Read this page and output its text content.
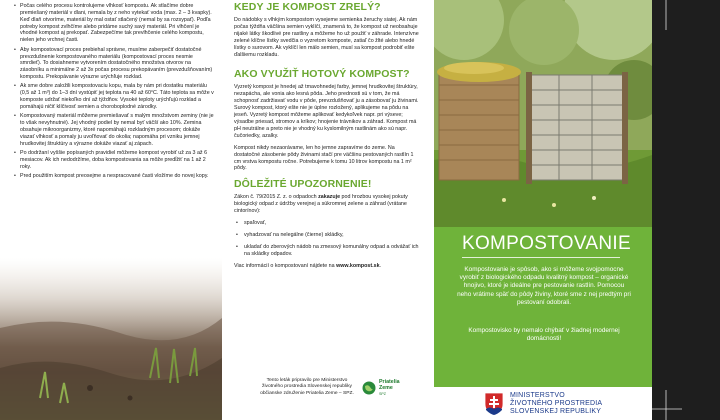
• Počas celého procesu kontrolujeme vlhkosť kompostu. Ak stlačíme dobre premiešaný materiál v dlani, nemala by z neho vytekať voda (max. 2 – 3 kvapky). Keď dlaň otvoríme, materiál by mal ostať stlačený (nemal by sa rozsypať). Podľa potreby kompost zvlhčíme alebo pridáme suchý savý materiál. Pri vlhčení je vhodné kompost aj prekopať. Zabezpečíme tak prevlhčenie celého kompostu, nielen jeho vrchnej časti.
• Aby kompostovací proces prebiehal správne, musíme zaberpečiť dostatočné prevzdušnenie kompostovaného materiálu (kompostovací proces nesmie smrdieť). To dosiahneme vytvorením dostatočného množstva otvorov na zásobníku a minimálne 2 až 3x počas procesu prekopávaním (prevzdušňovaním) kompostu. Prekopávanie výrazne urýchľuje rozklad.
• Ak sme dobre založili kompostovaciu kopu, mala by nám pri dostatku materiálu (0,5 až 1 m³) do 1–3 dní vystúpiť jej teplota na 40 až 60°C. Táto teplota sa môže v komposte udržať niekoľko dní až týždňov. Vysoké teploty urýchľujú rozklad a pomáhajú ničiť klíčivosť semien a choroboplodné zárodky.
• Kompostovaný materiál môžeme premiešavať s malým množstvom zeminy (nie je to však nevyhnutné). Jej vhodný podiel by nemal byť väčší ako 10%. Zemina obsahuje mikroorganizmy, ktoré napomáhajú rozkladným procesom; dokáže viazať vlhkosť a pomaly ju uvoľňovať do okolia; napomáha pri vzniku jemnej hrudkovitej štruktúry a výrazne dokáže viazať aj zápach.
• Po dodržaní vyššie popísaných pravidiel môžeme kompost vyrobiť už za 3 až 6 mesiacov. Ak ich nedodržíme, doba kompostovania sa môže predĺžiť na 1 až 2 roky.
• Pred použitím kompost preosejme a nespracované časti vložíme do novej kopy.
KEDY JE KOMPOST ZRELÝ?

Do nádobky s vlhkým kompostom vysejeme semienka žeruchy siatej. Ak nám počas týždňa väčšina semien vyklíčí, znamená to, že kompost už neobsahuje nijaké látky škodlivé pre rastliny a môžeme ho už použiť v záhrade. Intenzívne zelené klíčne lístky svedčia o vyzretom komposte, zatiaľ čo žlté alebo hnedé lístky o surovom. Ak vyklíčí len málo semien, musí sa kompost podrobiť ešte ďalšiemu rozkladu.

AKO VYUŽIŤ HOTOVÝ KOMPOST?

Vyzretý kompost je hnedej až tmavohnedej farby, jemnej hrudkovitej štruktúry, nezapácha, ale vonia ako lesná pôda. Jeho prednosti sú v tom, že má schopnosť zadržiavať vodu v pôde, prevzdušňovať ju a zásobovať ju živinami. Surový kompost, ktorý ešte nie je úplne rozložený, aplikujeme na pôdu na jeseň. Vyzretý kompost môžeme aplikovať kedykoľvek napr. pri výseve; výsadbe priesad, stromov a kríkov; hnojenie trávnikov a záhrad. Kompost má pH neutrálne a preto nie je vhodný ku kyslomilným rastlinám ako sú napr. čučoriedky, azalky.

Kompost nikdy nezaorávame, len ho jemne zapravíme do zeme. Na dostatočné zásobenie pôdy živinami stačí pre väčšinu pestovaných rastlín 1 cm vrstva kompostu ročne. Potrebujeme k tomu 10 litrov kompostu na 1 m² pôdy.

DÔLEŽITÉ UPOZORNENIE!

Zákon č. 79/2015 Z. z. o odpadoch zakazuje pod hrozbou vysokej pokuty biologický odpad z údržby verejnej a súkromnej zelene a záhrad (vrátane cintorínov):

• spaľovať,
• vyhadzovať na nelegálne (čierne) skládky,
• ukladať do zberových nádob na zmesový komunálny odpad a odvážať ich na skládky odpadov.

Viac informácií o kompostovaní nájdete na www.kompost.sk.

Tento leták pripravilo pre Ministerstvo životného prostredia Slovenskej republiky občianske združenie Priatelia Zeme – SPZ.
Priatelia
Zeme
SPZ
KOMPOSTOVANIE

Kompostovanie je spôsob, ako si môžeme svojpomocne vyrobiť z biologického odpadu kvalitný kompost – organické hnojivo, ktoré je ideálne pre pestovanie rastlín. Pomocou neho vrátime späť do pôdy živiny, ktoré sme z nej predtým pri pestovaní odobrali.

Kompostovisko by nemalo chýbať v žiadnej modernej domácnosti!

MINISTERSTVO
ŽIVOTNÉHO PROSTREDIA
SLOVENSKEJ REPUBLIKY
